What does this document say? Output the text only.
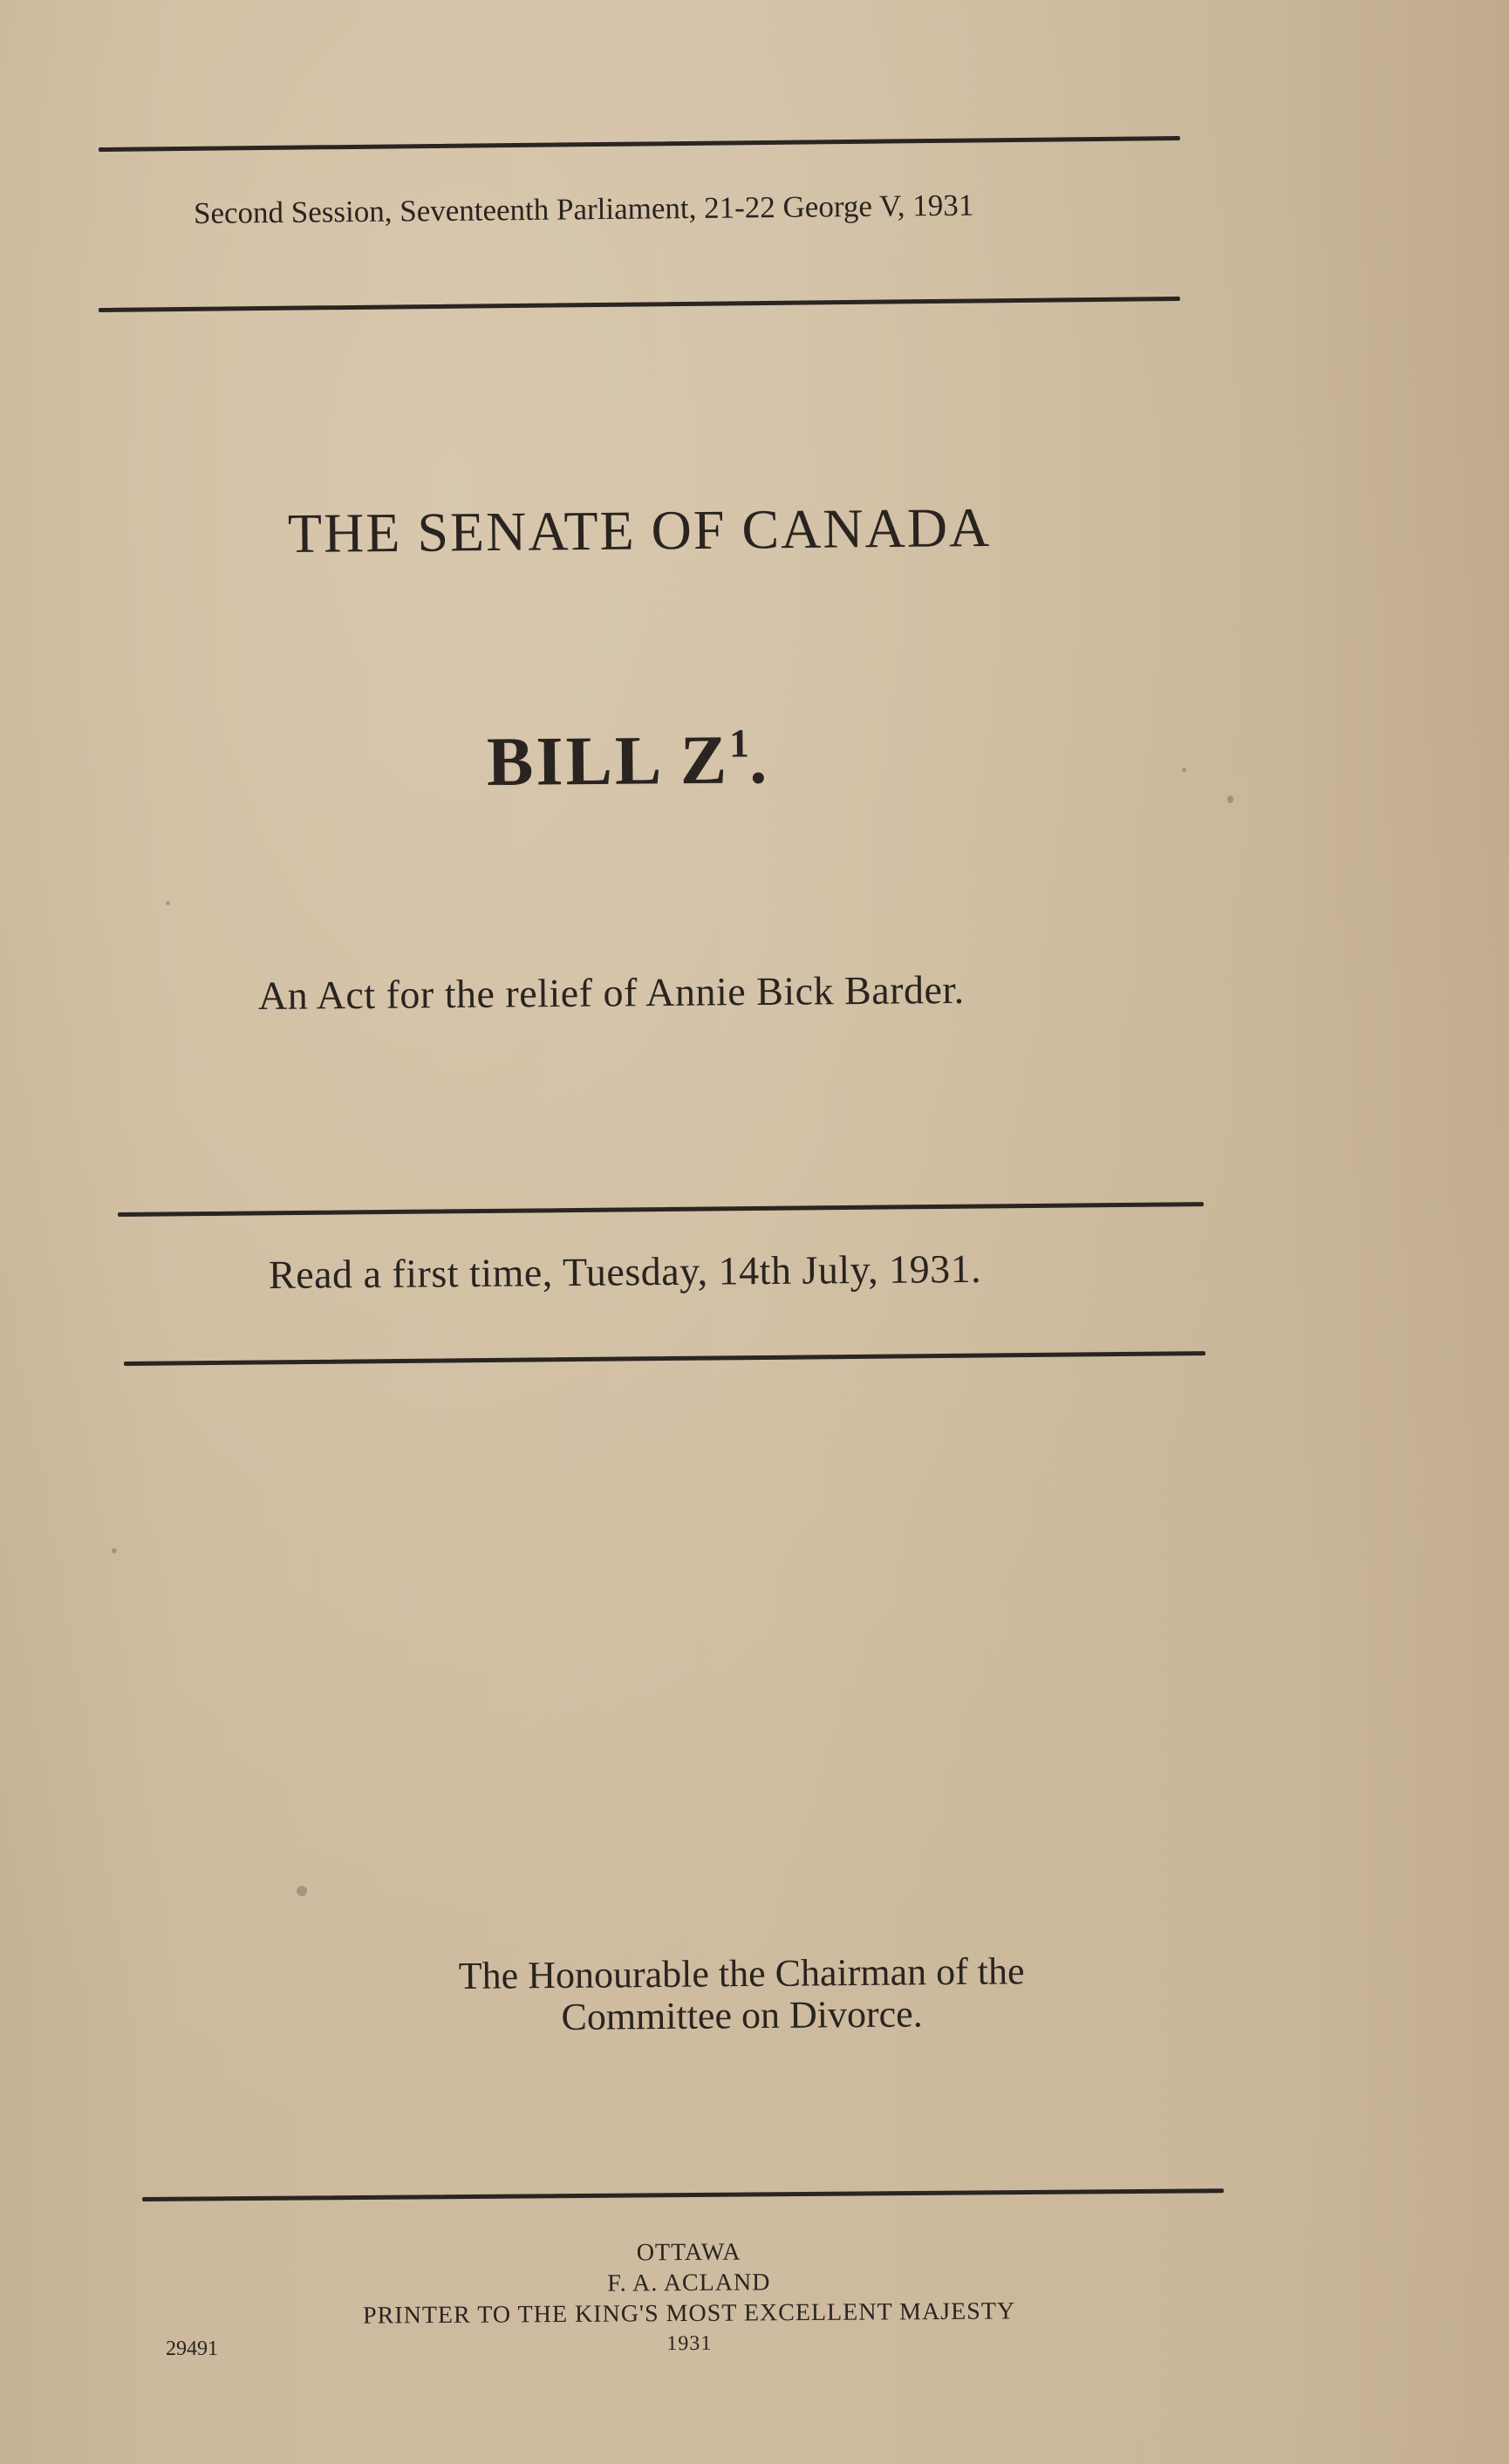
Second Session, Seventeenth Parliament, 21-22 George V, 1931
THE SENATE OF CANADA
BILL $Z^1$.
An Act for the relief of Annie Bick Barder.
Read a first time, Tuesday, 14th July, 1931.
The Honourable the Chairman of the
Committee on Divorce.
OTTAWA
F. A. ACLAND
PRINTER TO THE KING'S MOST EXCELLENT MAJESTY
1931
29491
